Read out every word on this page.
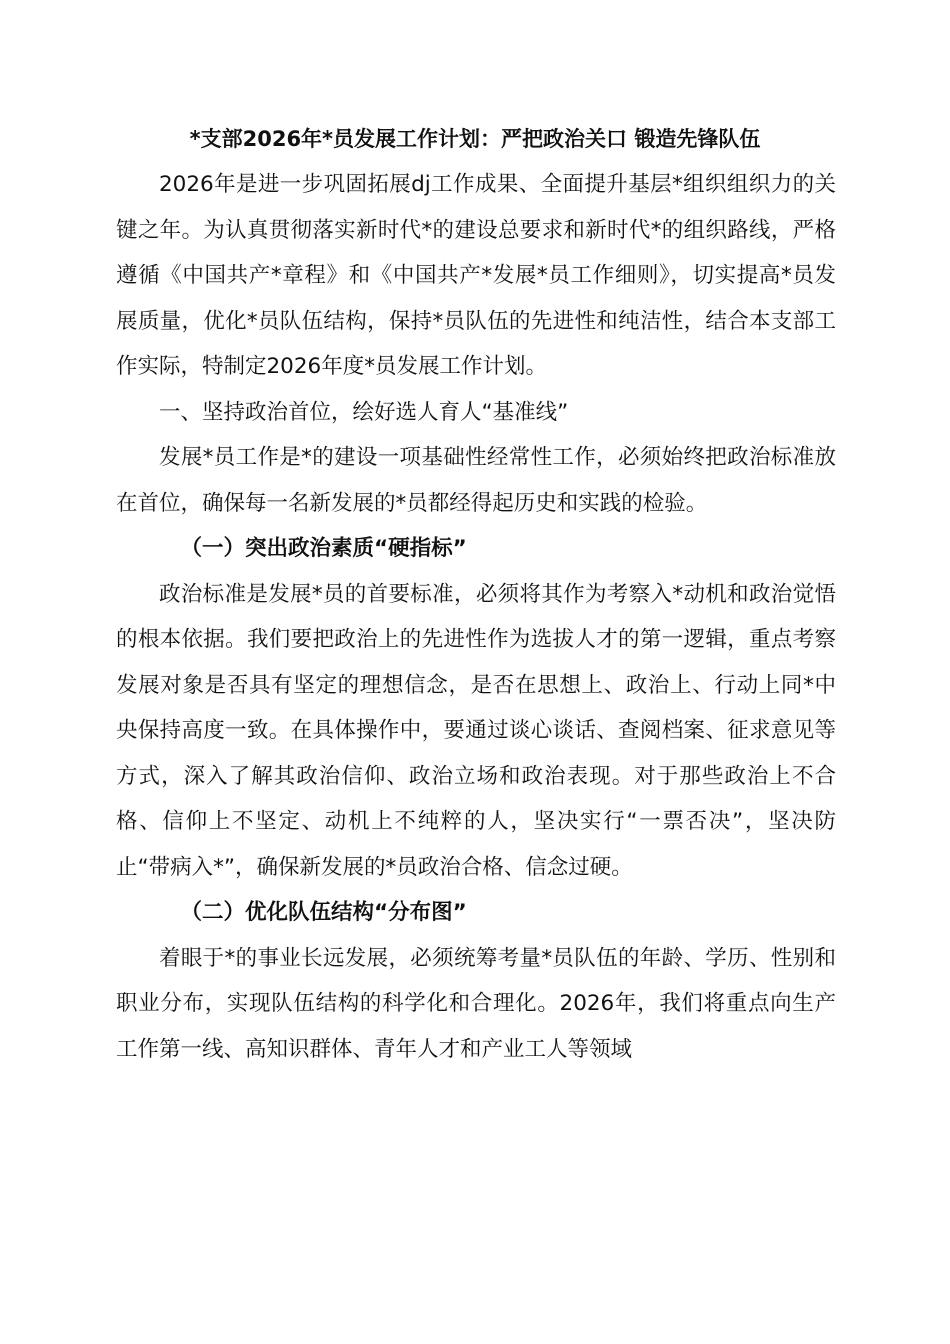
*支部2026年*员发展工作计划：严把政治关口 锻造先锋队伍

2026年是进一步巩固拓展dj工作成果、全面提升基层*组织组织力的关键之年。为认真贯彻落实新时代*的建设总要求和新时代*的组织路线，严格遵循《中国共产*章程》和《中国共产*发展*员工作细则》，切实提高*员发展质量，优化*员队伍结构，保持*员队伍的先进性和纯洁性，结合本支部工作实际，特制定2026年度*员发展工作计划。

一、坚持政治首位，绘好选人育人“基准线”

发展*员工作是*的建设一项基础性经常性工作，必须始终把政治标准放在首位，确保每一名新发展的*员都经得起历史和实践的检验。

（一）突出政治素质“硬指标”

政治标准是发展*员的首要标准，必须将其作为考察入*动机和政治觉悟的根本依据。我们要把政治上的先进性作为选拔人才的第一逻辑，重点考察发展对象是否具有坚定的理想信念，是否在思想上、政治上、行动上同*中央保持高度一致。在具体操作中，要通过谈心谈话、查阅档案、征求意见等方式，深入了解其政治信仰、政治立场和政治表现。对于那些政治上不合格、信仰上不坚定、动机上不纯粹的人，坚决实行“一票否决”，坚决防止“带病入*”，确保新发展的*员政治合格、信念过硬。

（二）优化队伍结构“分布图”

着眼于*的事业长远发展，必须统筹考量*员队伍的年龄、学历、性别和职业分布，实现队伍结构的科学化和合理化。2026年，我们将重点向生产工作第一线、高知识群体、青年人才和产业工人等领域
